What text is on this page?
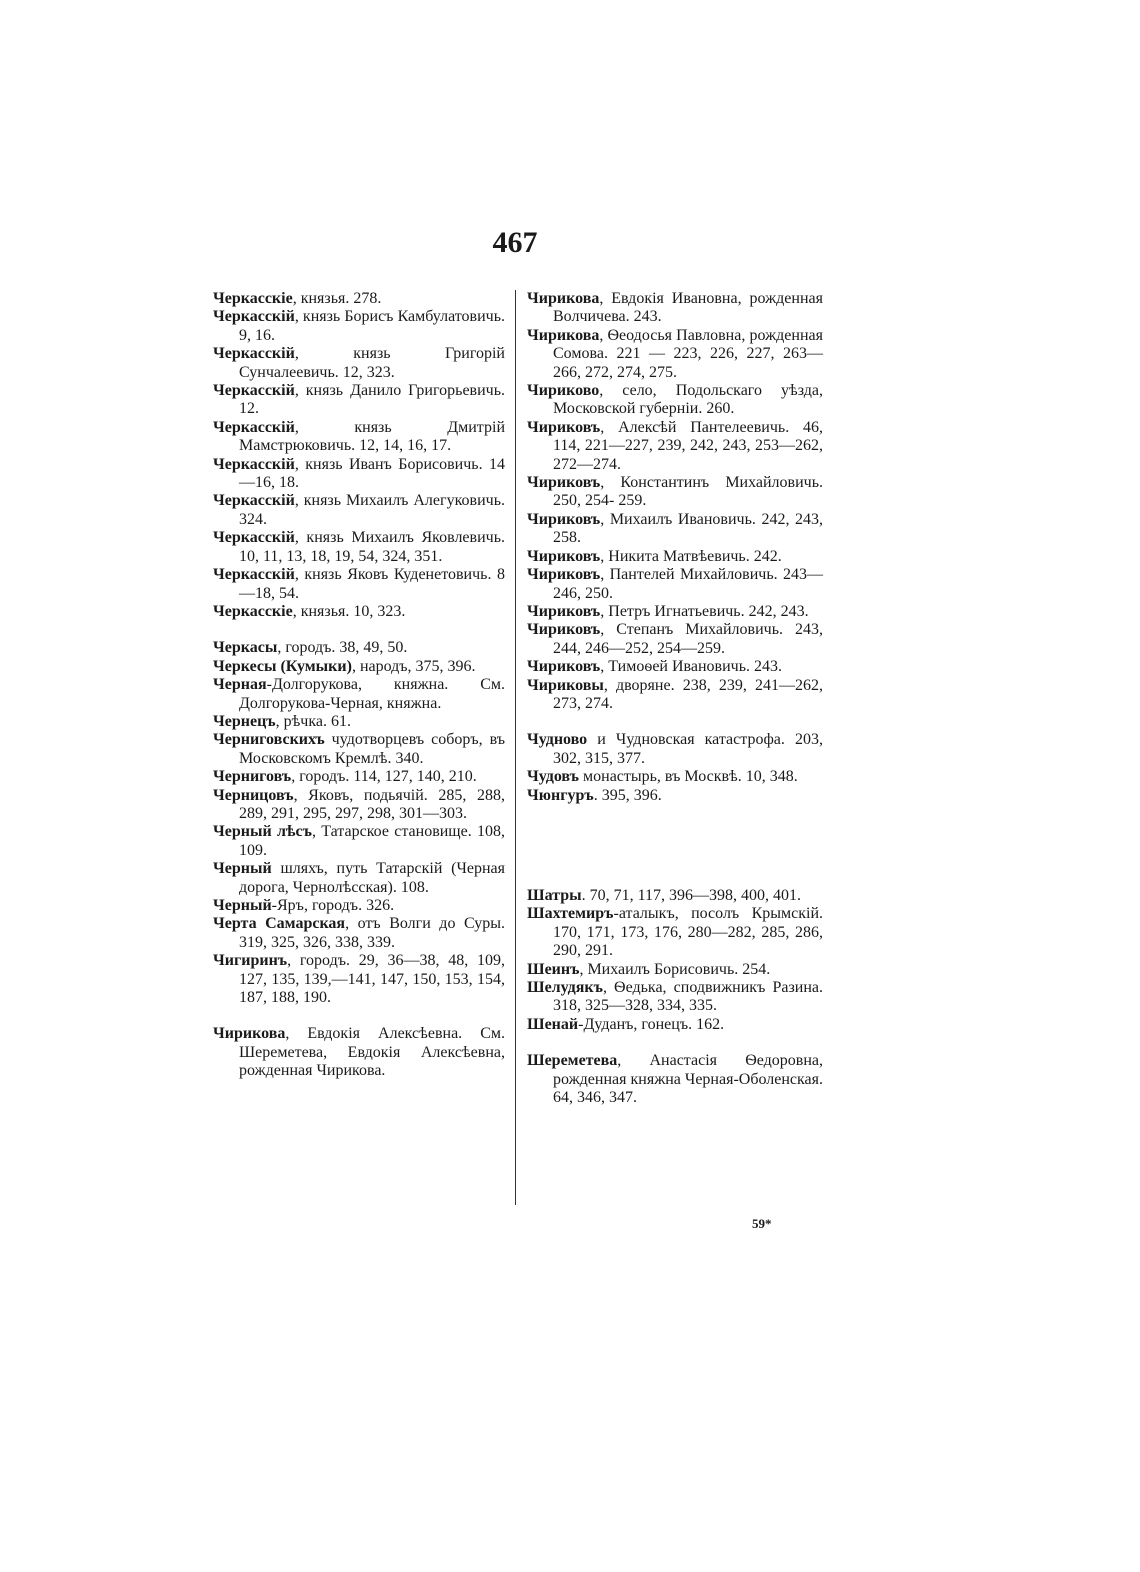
467

Черкасскіе, князья. 278.

Черкасскій, князь Борисъ Камбулатовичь. 9, 16.

Черкасскій, князь Григорій Сунчалеевичь. 12, 323.

Черкасскій, князь Данило Григорьевичь. 12.

Черкасскій, князь Дмитрій Мамстрюковичь. 12, 14, 16, 17.

Черкасскій, князь Иванъ Борисовичь. 14—16, 18.

Черкасскій, князь Михаилъ Алегуковичь. 324.

Черкасскій, князь Михаилъ Яковлевичь. 10, 11, 13, 18, 19, 54, 324, 351.

Черкасскій, князь Яковъ Куденетовичь. 8—18, 54.

Черкасскіе, князья. 10, 323.

Черкасы, городъ. 38, 49, 50.

Черкесы (Кумыки), народъ, 375, 396.

Черная-Долгорукова, княжна. См. Долгорукова-Черная, княжна.

Чернецъ, рѣчка. 61.

Черниговскихъ чудотворцевъ соборъ, въ Московскомъ Кремлѣ. 340.

Черниговъ, городъ. 114, 127, 140, 210.

Черницовъ, Яковъ, подьячій. 285, 288, 289, 291, 295, 297, 298, 301—303.

Черный лѣсъ, Татарское становище. 108, 109.

Черный шляхъ, путь Татарскій (Черная дорога, Чернолѣсская). 108.

Черный-Яръ, городъ. 326.

Черта Самарская, отъ Волги до Суры. 319, 325, 326, 338, 339.

Чигиринъ, городъ. 29, 36—38, 48, 109, 127, 135, 139,—141, 147, 150, 153, 154, 187, 188, 190.

Чирикова, Евдокія Алексѣевна. См. Шереметева, Евдокія Алексѣевна, рожденная Чирикова.

Чирикова, Евдокія Ивановна, рожденная Волчичева. 243.

Чирикова, Ѳеодосья Павловна, рожденная Сомова. 221 — 223, 226, 227, 263—266, 272, 274, 275.

Чириково, село, Подольскаго уѣзда, Московской губерніи. 260.

Чириковъ, Алексѣй Пантелеевичь. 46, 114, 221—227, 239, 242, 243, 253—262, 272—274.

Чириковъ, Константинъ Михайловичь. 250, 254- 259.

Чириковъ, Михаилъ Ивановичь. 242, 243, 258.

Чириковъ, Никита Матвѣевичь. 242.

Чириковъ, Пантелей Михайловичь. 243—246, 250.

Чириковъ, Петръ Игнатьевичь. 242, 243.

Чириковъ, Степанъ Михайловичь. 243, 244, 246—252, 254—259.

Чириковъ, Тимоѳей Ивановичь. 243.

Чириковы, дворяне. 238, 239, 241—262, 273, 274.

Чудново и Чудновская катастрофа. 203, 302, 315, 377.

Чудовъ монастырь, въ Москвѣ. 10, 348.

Чюнгуръ. 395, 396.

Шатры. 70, 71, 117, 396—398, 400, 401.

Шахтемиръ-аталыкъ, посолъ Крымскій. 170, 171, 173, 176, 280—282, 285, 286, 290, 291.

Шеинъ, Михаилъ Борисовичь. 254.

Шелудякъ, Ѳедька, сподвижникъ Разина. 318, 325—328, 334, 335.

Шенай-Дуданъ, гонецъ. 162.

Шереметева, Анастасія Ѳедоровна, рожденная княжна Черная-Оболенская. 64, 346, 347.

59*
